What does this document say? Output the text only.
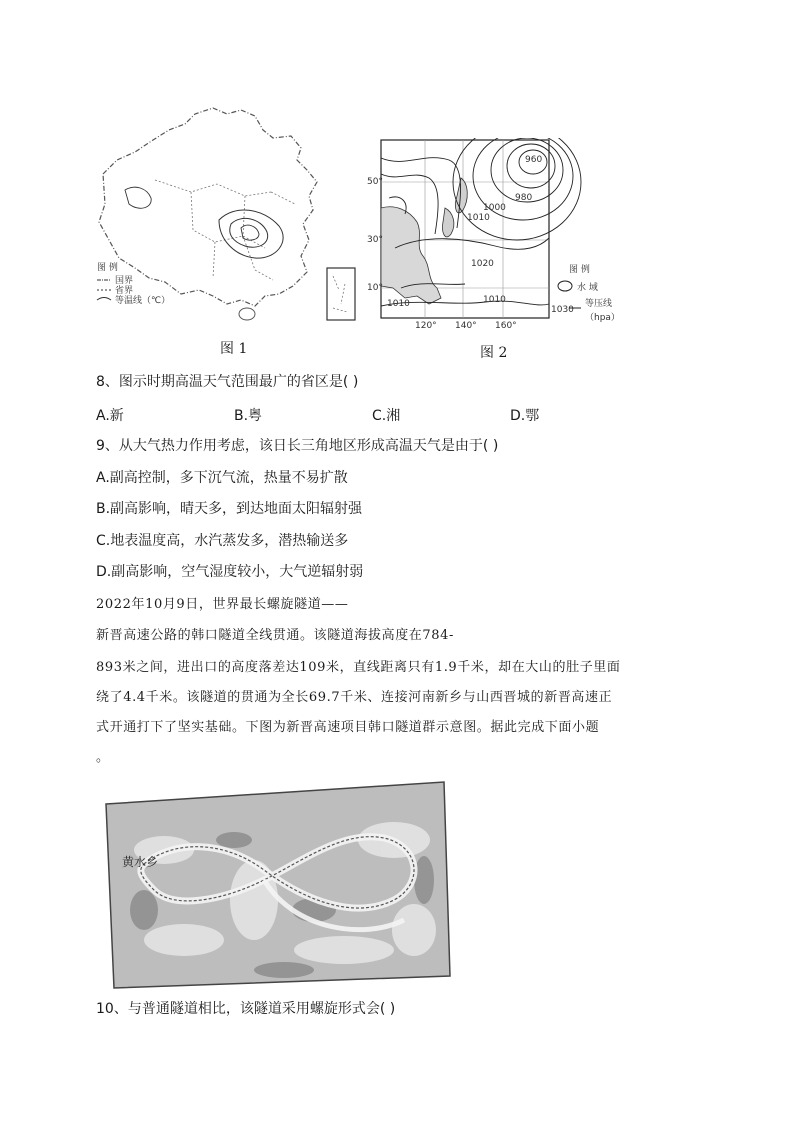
图 例
国界
省界
等温线（℃）
图 1
960
980
1000
1010
1020
1010
1010
50°
30°
10°
120° 140° 160°
图 例
水 域
1030
等压线
（hpa）
图 2
8、图示时期高温天气范围最广的省区是( )
A.新	B.粤	C.湘	D.鄂
9、从大气热力作用考虑，该日长三角地区形成高温天气是由于( )
A.副高控制，多下沉气流，热量不易扩散
B.副高影响，晴天多，到达地面太阳辐射强
C.地表温度高，水汽蒸发多，潜热输送多
D.副高影响，空气湿度较小，大气逆辐射弱
2022年10月9日，世界最长螺旋隧道——
新晋高速公路的韩口隧道全线贯通。该隧道海拔高度在784-
893米之间，进出口的高度落差达109米，直线距离只有1.9千米，却在大山的肚子里面
绕了4.4千米。该隧道的贯通为全长69.7千米、连接河南新乡与山西晋城的新晋高速正
式开通打下了坚实基础。下图为新晋高速项目韩口隧道群示意图。据此完成下面小题
。
黄水乡
10、与普通隧道相比，该隧道采用螺旋形式会( )
